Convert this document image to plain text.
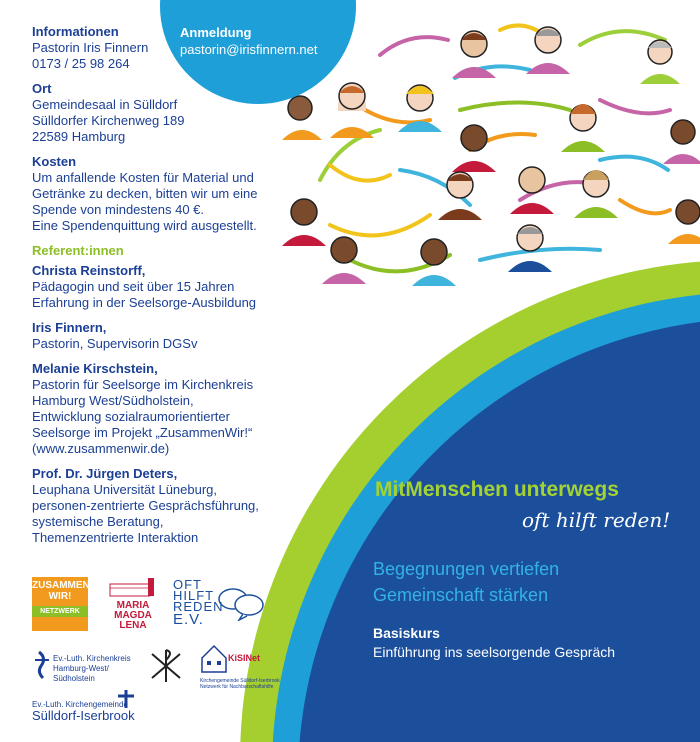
Anmeldung
pastorin@irisfinnern.net
Informationen
Pastorin Iris Finnern
0173 / 25 98 264
Ort
Gemeindesaal in Sülldorf
Sülldorfer Kirchenweg 189
22589 Hamburg
Kosten
Um anfallende Kosten für Material und
Getränke zu decken, bitten wir um eine
Spende von mindestens 40 €.
Eine Spendenquittung wird ausgestellt.
Referent:innen
Christa Reinstorff,
Pädagogin und seit über 15 Jahren
Erfahrung in der Seelsorge-Ausbildung
Iris Finnern,
Pastorin, Supervisorin DGSv
Melanie Kirschstein,
Pastorin für Seelsorge im Kirchenkreis
Hamburg West/Südholstein,
Entwicklung sozialraumorientierter
Seelsorge im Projekt „ZusammenWir!“
(www.zusammenwir.de)
Prof. Dr. Jürgen Deters,
Leuphana Universität Lüneburg,
personen-zentrierte Gesprächsführung,
systemische Beratung,
Themenzentrierte Interaktion
MitMenschen unterwegs
oft hilft reden!
Begegnungen vertiefen
Gemeinschaft stärken
Basiskurs
Einführung ins seelsorgende Gespräch
ZUSAMMEN
WIR!
NETZWERK
MARIA
MAGDA
LENA
OFT
HILFT
REDEN
E.V.
Ev.-Luth. Kirchenkreis
Hamburg-West/
Südholstein
KiSINet
Kirchengemeinde Sülldorf-Iserbrook
Netzwerk für Nachbarschaftshilfe
Ev.-Luth. Kirchengemeinde
Sülldorf-Iserbrook
